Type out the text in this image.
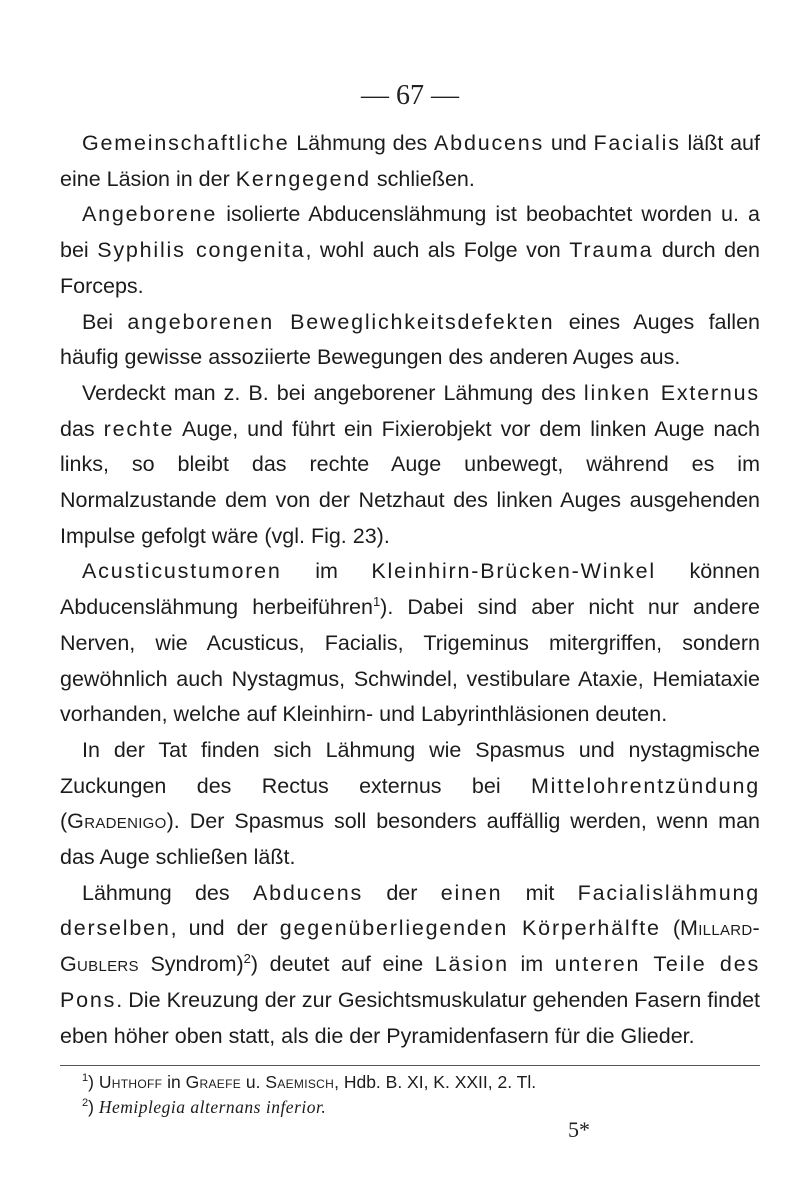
— 67 —

Gemeinschaftliche Lähmung des Abducens und Facialis läßt auf eine Läsion in der Kerngegend schließen.

Angeborene isolierte Abducenslähmung ist beobachtet worden u. a bei Syphilis congenita, wohl auch als Folge von Trauma durch den Forceps.

Bei angeborenen Beweglichkeitsdefekten eines Auges fallen häufig gewisse assoziierte Bewegungen des anderen Auges aus.

Verdeckt man z. B. bei angeborener Lähmung des linken Externus das rechte Auge, und führt ein Fixierobjekt vor dem linken Auge nach links, so bleibt das rechte Auge unbewegt, während es im Normalzustande dem von der Netzhaut des linken Auges ausgehenden Impulse gefolgt wäre (vgl. Fig. 23).

Acusticustumoren im Kleinhirn-Brücken-Winkel können Abducenslähmung herbeiführen$^1$). Dabei sind aber nicht nur andere Nerven, wie Acusticus, Facialis, Trigeminus mitergriffen, sondern gewöhnlich auch Nystagmus, Schwindel, vestibulare Ataxie, Hemiataxie vorhanden, welche auf Kleinhirn- und Labyrinthläsionen deuten.

In der Tat finden sich Lähmung wie Spasmus und nystagmische Zuckungen des Rectus externus bei Mittelohrentzündung (Gradenigo). Der Spasmus soll besonders auffällig werden, wenn man das Auge schließen läßt.

Lähmung des Abducens der einen mit Facialislähmung derselben, und der gegenüberliegenden Körperhälfte (Millard-Gublers Syndrom)$^2$) deutet auf eine Läsion im unteren Teile des Pons. Die Kreuzung der zur Gesichtsmuskulatur gehenden Fasern findet eben höher oben statt, als die der Pyramidenfasern für die Glieder.

$^1$) Uhthoff in Graefe u. Saemisch, Hdb. B. XI, K. XXII, 2. Tl.

$^2$) Hemiplegia alternans inferior.

5*
